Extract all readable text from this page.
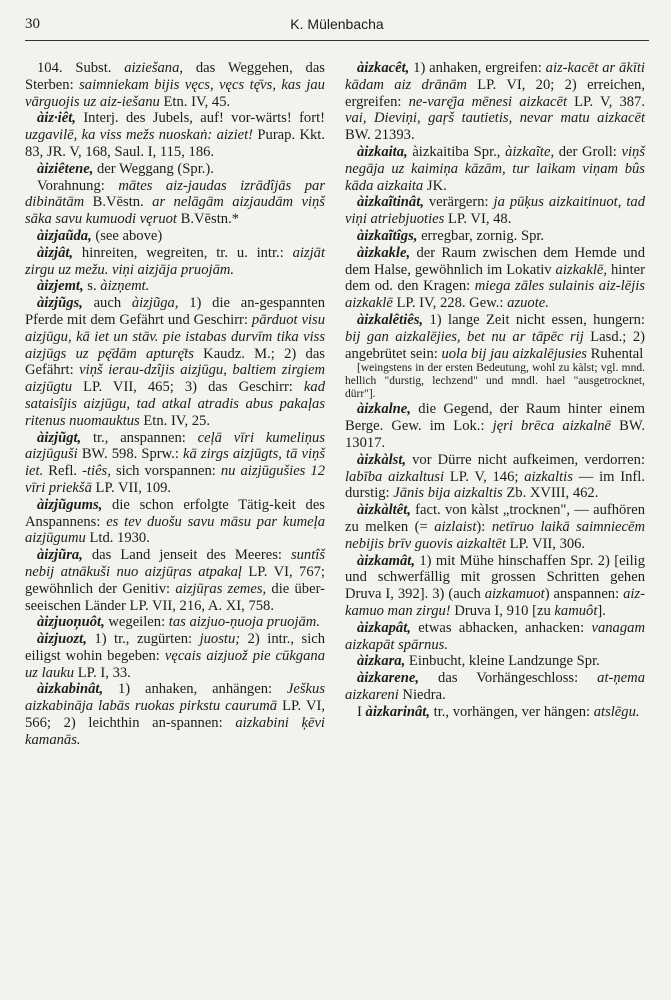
30	K. Mülenbacha

104. Subst. aiziešana, das Weggehen, das Sterben: saimniekam bijis vęcs, vęcs tę̄vs, kas jau vārguojis uz aiz-iešanu Etn. IV, 45.

àiz·iêt, Interj. des Jubels, auf! vor-wärts! fort! uzgavilē, ka viss mežs nuoskaṅ: aiziet! Purap. Kkt. 83, JR. V, 168, Saul. I, 115, 186.

àiziêtene, der Weggang (Spr.).

Vorahnung: mātes aiz-jaudas izrādîjās par dibinātām B.Vēstn. ar nelāgām aizjaudām viņš sāka savu kumuodi vęruot B.Vēstn.*

àizjaũda, (see above)

àizjât, hinreiten, wegreiten, tr. u. intr.: aizjāt zirgu uz mežu. viņi aizjāja pruojām.

àizjemt, s. àizņemt.

àizjũgs, auch àizjũga, 1) die an-gespannten Pferde mit dem Gefährt und Geschirr: pārduot visu aizjūgu, kā iet un stāv. pie istabas durvīm tika viss aizjūgs uz pę̄dām apturę̄ts Kaudz. M.; 2) das Gefährt: viņš ierau-dzîjis aizjūgu, baltiem zirgiem aizjūgtu LP. VII, 465; 3) das Geschirr: kad sataisîjis aizjūgu, tad atkal atradis abus pakaļas ritenus nuomauktus Etn. IV, 25.

àizjũgt, tr., anspannen: ceļā vīri kumeliņus aizjūguši BW. 598. Sprw.: kā zirgs aizjūgts, tā viņš iet. Refl. -tiês, sich vorspannen: nu aizjūgušies 12 vīri priekšā LP. VII, 109.

àizjũgums, die schon erfolgte Tätig-keit des Anspannens: es tev duošu savu māsu par kumeļa aizjūgumu Ltd. 1930.

àizjũra, das Land jenseit des Meeres: suntîš nebij atnākuši nuo aizjūŗas atpakaļ LP. VI, 767; gewöhnlich der Genitiv: aizjūŗas zemes, die über-seeischen Länder LP. VII, 216, A. XI, 758.

àizjuoņuôt, wegeilen: tas aizjuo-ņuoja pruojām.

àizjuozt, 1) tr., zugürten: juostu; 2) intr., sich eiligst wohin begeben: vęcais aizjuož pie cūkgana uz lauku LP. I, 33.

àizkabinât, 1) anhaken, anhängen: Ješkus aizkabināja labās ruokas pirkstu caurumā LP. VI, 566; 2) leichthin an-spannen: aizkabini ķēvi kamanās.

àizkacêt, 1) anhaken, ergreifen: aiz-kacēt ar ākīti kādam aiz drānām LP. VI, 20; 2) erreichen, ergreifen: ne-varę̄ja mēnesi aizkacēt LP. V, 387. vai, Dieviņi, gaŗš tautietis, nevar matu aizkacēt BW. 21393.

àizkaita, àizkaitiba Spr., àizkaĩte, der Groll: viņš negāja uz kaimiņa kāzām, tur laikam viņam bûs kāda aizkaita JK.

àizkaĩtinât, verärgern: ja pūķus aizkaitinuot, tad viņi atriebjuoties LP. VI, 48.

àizkaĩtîgs, erregbar, zornig. Spr.

àizkakle, der Raum zwischen dem Hemde und dem Halse, gewöhnlich im Lokativ aizkaklē, hinter dem od. den Kragen: miega zāles sulainis aiz-lējis aizkaklē LP. IV, 228. Gew.: azuote.

àizkalêtiês, 1) lange Zeit nicht essen, hungern: bij gan aizkalējies, bet nu ar tāpēc rij Lasd.; 2) angebrütet sein: uola bij jau aizkalējusies Ruhental
[weingstens in der ersten Bedeutung, wohl zu kàlst; vgl. mnd. hellich "durstig, lechzend" und mndl. hael "ausgetrocknet, dürr"].

àizkalne, die Gegend, der Raum hinter einem Berge. Gew. im Lok.: jęri brēca aizkalnē BW. 13017.

àizkàlst, vor Dürre nicht aufkeimen, verdorren: labība aizkaltusi LP. V, 146; aizkaltis — im Infl. durstig: Jānis bija aizkaltis Zb. XVIII, 462.

àizkàltêt, fact. von kàlst „trocknen", — aufhören zu melken (= aizlaist): netīruo laikā saimniecēm nebijis brīv guovis aizkaltēt LP. VII, 306.

àizkamât, 1) mit Mühe hinschaffen Spr. 2) [eilig und schwerfällig mit grossen Schritten gehen Druva I, 392]. 3) (auch aizkamuot) anspannen: aiz-kamuo man zirgu! Druva I, 910 [zu kamuôt].

àizkapât, etwas abhacken, anhacken: vanagam aizkapāt spārnus.

àizkara, Einbucht, kleine Landzunge Spr.

àizkarene, das Vorhängeschloss: at-ņema aizkareni Niedra.

I àizkarinât, tr., vorhängen, ver hängen: atslēgu.
